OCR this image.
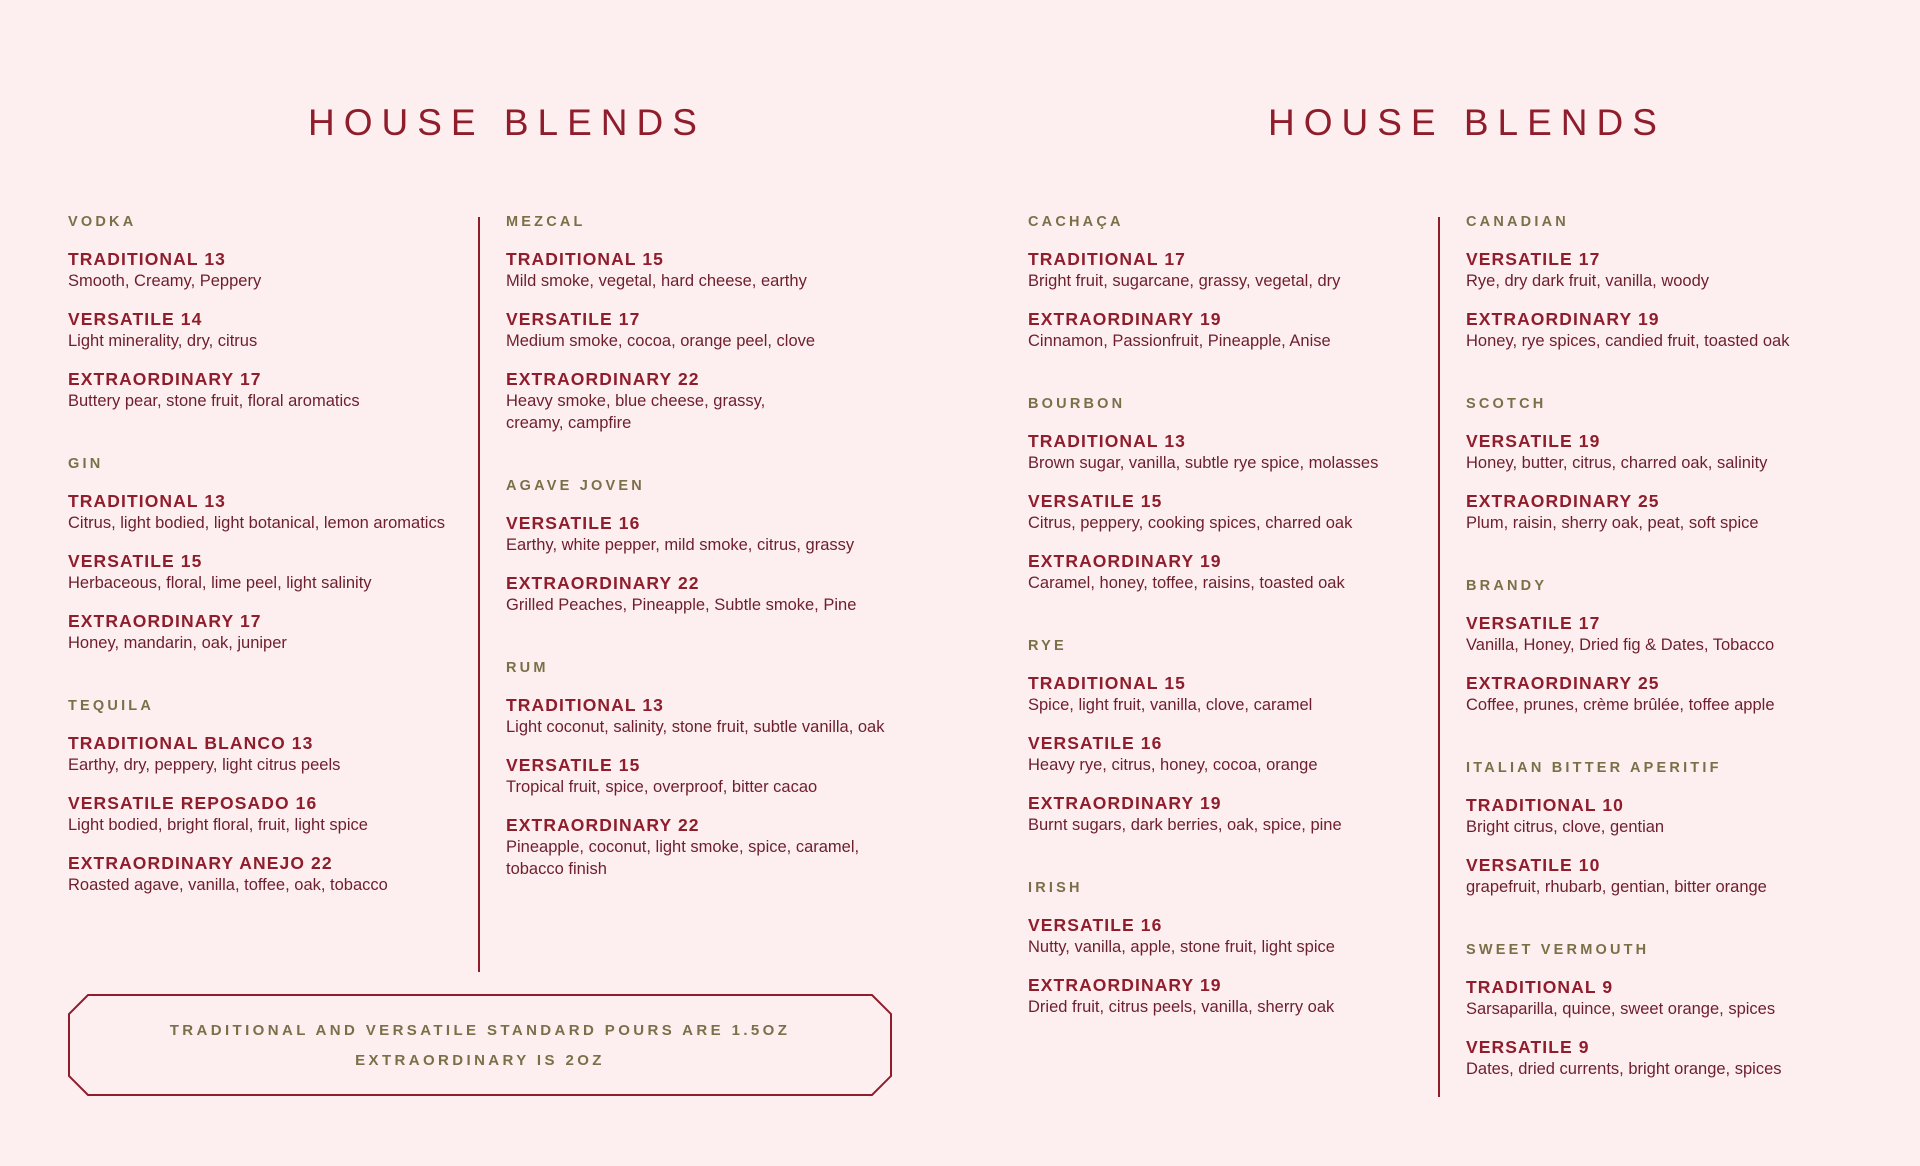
HOUSE BLENDS
VODKA
TRADITIONAL 13
Smooth, Creamy, Peppery
VERSATILE 14
Light minerality, dry, citrus
EXTRAORDINARY 17
Buttery pear, stone fruit, floral aromatics
GIN
TRADITIONAL 13
Citrus, light bodied, light botanical, lemon aromatics
VERSATILE 15
Herbaceous, floral, lime peel, light salinity
EXTRAORDINARY 17
Honey, mandarin, oak, juniper
TEQUILA
TRADITIONAL BLANCO 13
Earthy, dry, peppery, light citrus peels
VERSATILE REPOSADO 16
Light bodied, bright floral, fruit, light spice
EXTRAORDINARY ANEJO 22
Roasted agave, vanilla, toffee, oak, tobacco
MEZCAL
TRADITIONAL 15
Mild smoke, vegetal, hard cheese, earthy
VERSATILE 17
Medium smoke, cocoa, orange peel, clove
EXTRAORDINARY 22
Heavy smoke, blue cheese, grassy,
creamy, campfire
AGAVE JOVEN
VERSATILE 16
Earthy, white pepper, mild smoke, citrus, grassy
EXTRAORDINARY 22
Grilled Peaches, Pineapple, Subtle smoke, Pine
RUM
TRADITIONAL 13
Light coconut, salinity, stone fruit, subtle vanilla, oak
VERSATILE 15
Tropical fruit, spice, overproof, bitter cacao
EXTRAORDINARY 22
Pineapple, coconut, light smoke, spice, caramel,
tobacco finish
TRADITIONAL AND VERSATILE STANDARD POURS ARE 1.5OZ
EXTRAORDINARY IS 2OZ
HOUSE BLENDS
CACHAÇA
TRADITIONAL 17
Bright fruit, sugarcane, grassy, vegetal, dry
EXTRAORDINARY 19
Cinnamon, Passionfruit, Pineapple, Anise
BOURBON
TRADITIONAL 13
Brown sugar, vanilla, subtle rye spice, molasses
VERSATILE 15
Citrus, peppery, cooking spices, charred oak
EXTRAORDINARY 19
Caramel, honey, toffee, raisins, toasted oak
RYE
TRADITIONAL 15
Spice, light fruit, vanilla, clove, caramel
VERSATILE 16
Heavy rye, citrus, honey, cocoa, orange
EXTRAORDINARY 19
Burnt sugars, dark berries, oak, spice, pine
IRISH
VERSATILE 16
Nutty, vanilla, apple, stone fruit, light spice
EXTRAORDINARY 19
Dried fruit, citrus peels, vanilla, sherry oak
CANADIAN
VERSATILE 17
Rye, dry dark fruit, vanilla, woody
EXTRAORDINARY 19
Honey, rye spices, candied fruit, toasted oak
SCOTCH
VERSATILE 19
Honey, butter, citrus, charred oak, salinity
EXTRAORDINARY 25
Plum, raisin, sherry oak, peat, soft spice
BRANDY
VERSATILE 17
Vanilla, Honey, Dried fig & Dates, Tobacco
EXTRAORDINARY 25
Coffee, prunes, crème brûlée, toffee apple
ITALIAN BITTER APERITIF
TRADITIONAL 10
Bright citrus, clove, gentian
VERSATILE 10
grapefruit, rhubarb, gentian, bitter orange
SWEET VERMOUTH
TRADITIONAL 9
Sarsaparilla, quince, sweet orange, spices
VERSATILE 9
Dates, dried currents, bright orange, spices
